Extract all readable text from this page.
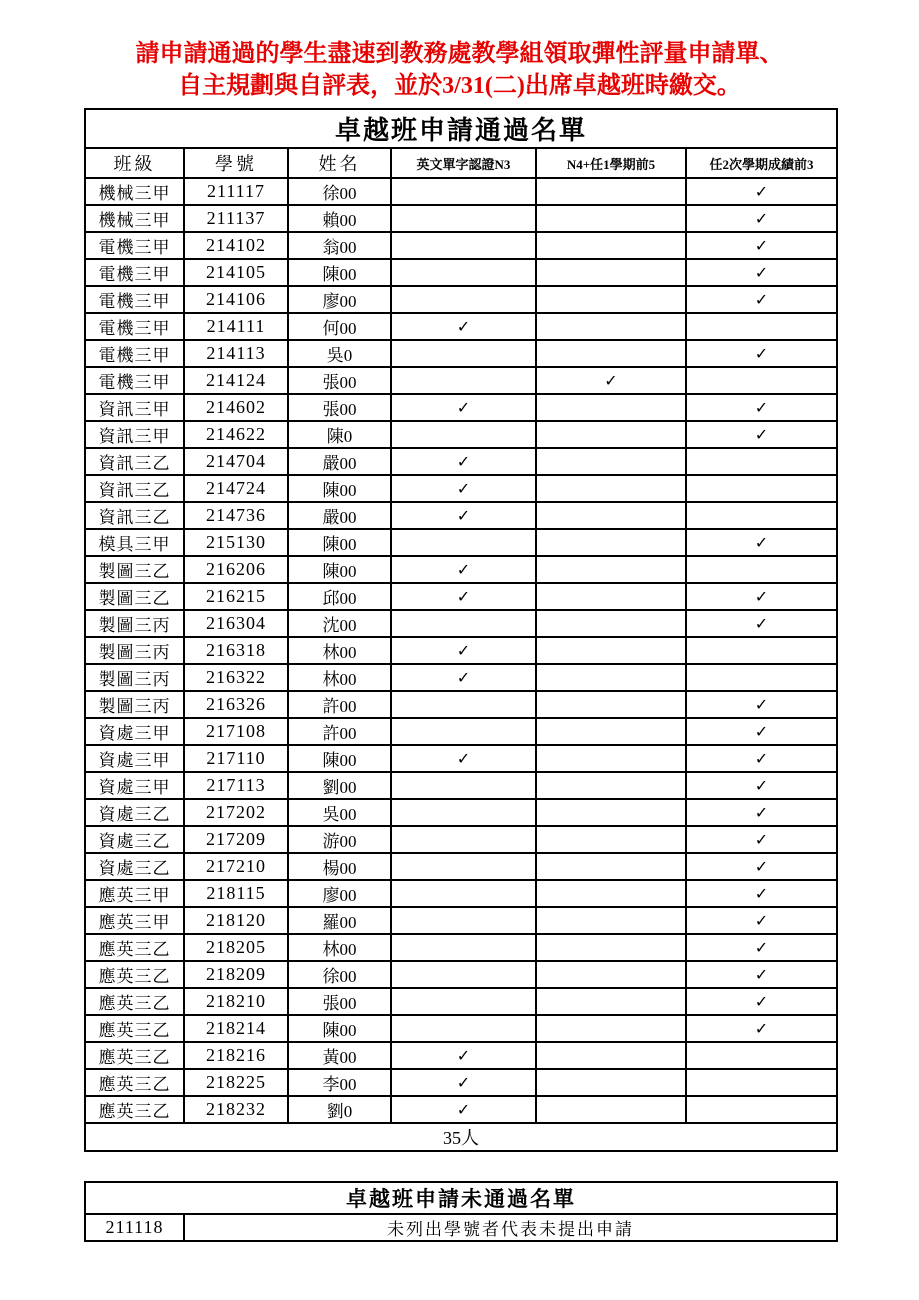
請申請通過的學生盡速到教務處教學組領取彈性評量申請單、
自主規劃與自評表，並於3/31(二)出席卓越班時繳交。
卓越班申請通過名單					
班級	學號	姓名	英文單字認證N3	N4+任1學期前5	任2次學期成績前3
機械三甲	211117	徐00			✓
機械三甲	211137	賴00			✓
電機三甲	214102	翁00			✓
電機三甲	214105	陳00			✓
電機三甲	214106	廖00			✓
電機三甲	214111	何00	✓		
電機三甲	214113	吳0			✓
電機三甲	214124	張00		✓	
資訊三甲	214602	張00	✓		✓
資訊三甲	214622	陳0			✓
資訊三乙	214704	嚴00	✓		
資訊三乙	214724	陳00	✓		
資訊三乙	214736	嚴00	✓		
模具三甲	215130	陳00			✓
製圖三乙	216206	陳00	✓		
製圖三乙	216215	邱00	✓		✓
製圖三丙	216304	沈00			✓
製圖三丙	216318	林00	✓		
製圖三丙	216322	林00	✓		
製圖三丙	216326	許00			✓
資處三甲	217108	許00			✓
資處三甲	217110	陳00	✓		✓
資處三甲	217113	劉00			✓
資處三乙	217202	吳00			✓
資處三乙	217209	游00			✓
資處三乙	217210	楊00			✓
應英三甲	218115	廖00			✓
應英三甲	218120	羅00			✓
應英三乙	218205	林00			✓
應英三乙	218209	徐00			✓
應英三乙	218210	張00			✓
應英三乙	218214	陳00			✓
應英三乙	218216	黃00	✓		
應英三乙	218225	李00	✓		
應英三乙	218232	劉0	✓		
35人					
卓越班申請未通過名單
211118	未列出學號者代表未提出申請
